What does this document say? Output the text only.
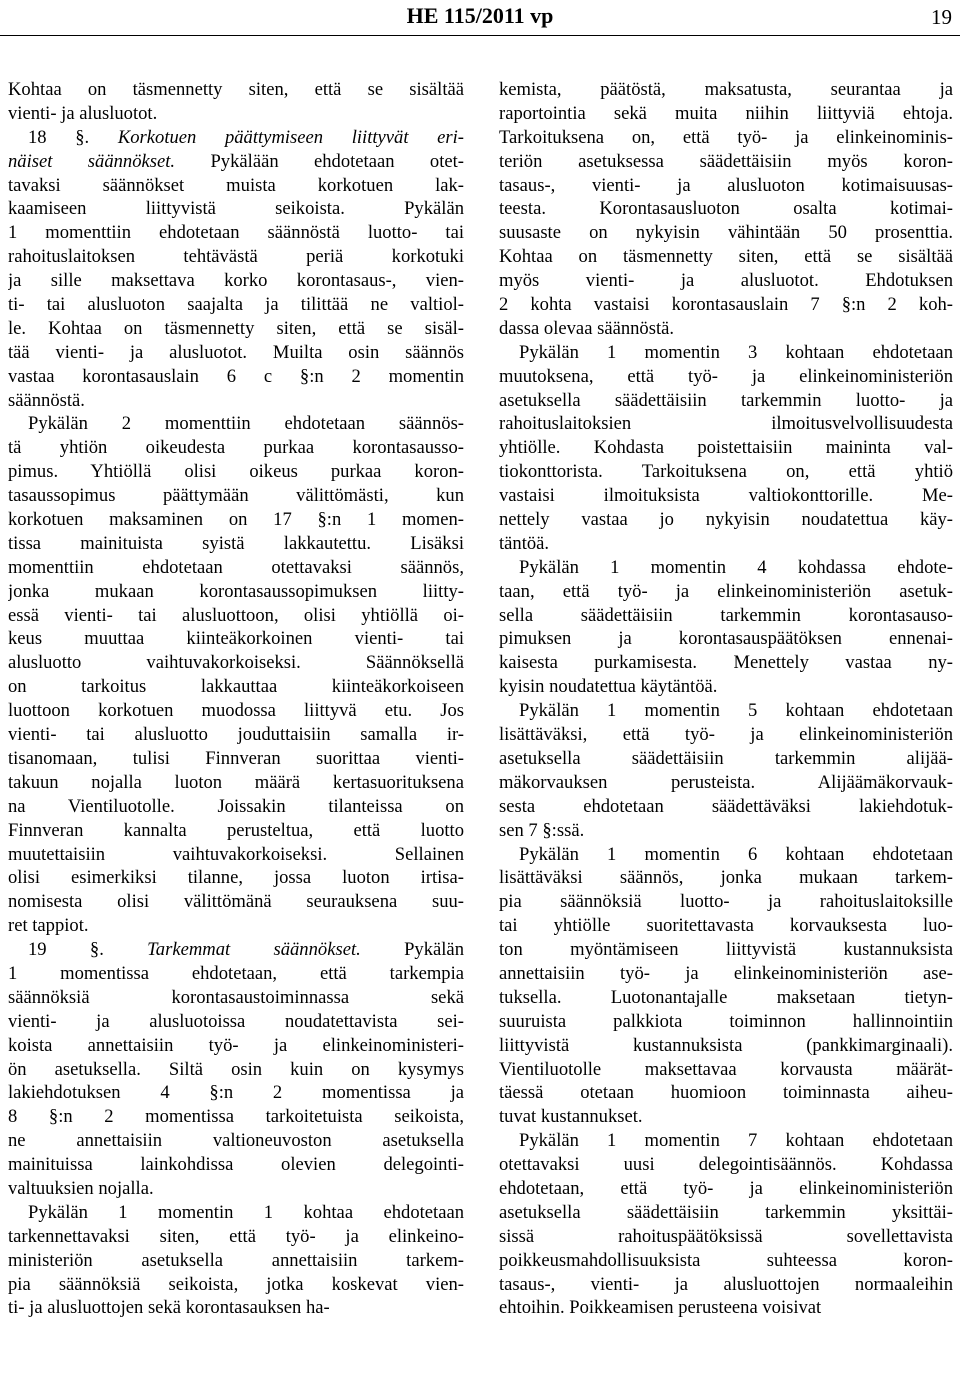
HE 115/2011 vp	19
Kohtaa on täsmennetty siten, että se sisältää
vienti- ja alusluotot.
18 §. Korkotuen päättymiseen liittyvät eri-
näiset säännökset. Pykälään ehdotetaan otet-
tavaksi säännökset muista korkotuen lak-
kaamiseen liittyvistä seikoista. Pykälän
1 momenttiin ehdotetaan säännöstä luotto- tai
rahoituslaitoksen tehtävästä periä korkotuki
ja sille maksettava korko korontasaus-, vien-
ti- tai alusluoton saajalta ja tilittää ne valtiol-
le. Kohtaa on täsmennetty siten, että se sisäl-
tää vienti- ja alusluotot. Muilta osin säännös
vastaa korontasauslain 6 c §:n 2 momentin
säännöstä.
Pykälän 2 momenttiin ehdotetaan säännös-
tä yhtiön oikeudesta purkaa korontasausso-
pimus. Yhtiöllä olisi oikeus purkaa koron-
tasaussopimus päättymään välittömästi, kun
korkotuen maksaminen on 17 §:n 1 momen-
tissa mainituista syistä lakkautettu. Lisäksi
momenttiin ehdotetaan otettavaksi säännös,
jonka mukaan korontasaussopimuksen liitty-
essä vienti- tai alusluottoon, olisi yhtiöllä oi-
keus muuttaa kiinteäkorkoinen vienti- tai
alusluotto vaihtuvakorkoiseksi. Säännöksellä
on tarkoitus lakkauttaa kiinteäkorkoiseen
luottoon korkotuen muodossa liittyvä etu. Jos
vienti- tai alusluotto jouduttaisiin samalla ir-
tisanomaan, tulisi Finnveran suorittaa vienti-
takuun nojalla luoton määrä kertasuorituksena
na Vientiluotolle. Joissakin tilanteissa on
Finnveran kannalta perusteltua, että luotto
muutettaisiin vaihtuvakorkoiseksi. Sellainen
olisi esimerkiksi tilanne, jossa luoton irtisa-
nomisesta olisi välittömänä seurauksena suu-
ret tappiot.
19 §. Tarkemmat säännökset. Pykälän
1 momentissa ehdotetaan, että tarkempia
säännöksiä korontasaustoiminnassa sekä
vienti- ja alusluotoissa noudatettavista sei-
koista annettaisiin työ- ja elinkeinoministeri-
ön asetuksella. Siltä osin kuin on kysymys
lakiehdotuksen 4 §:n 2 momentissa ja
8 §:n 2 momentissa tarkoitetuista seikoista,
ne annettaisiin valtioneuvoston asetuksella
mainituissa lainkohdissa olevien delegointi-
valtuuksien nojalla.
Pykälän 1 momentin 1 kohtaa ehdotetaan
tarkennettavaksi siten, että työ- ja elinkeino-
ministeriön asetuksella annettaisiin tarkem-
pia säännöksiä seikoista, jotka koskevat vien-
ti- ja alusluottojen sekä korontasauksen ha-
kemista, päätöstä, maksatusta, seurantaa ja
raportointia sekä muita niihin liittyviä ehtoja.
Tarkoituksena on, että työ- ja elinkeinominis-
teriön asetuksessa säädettäisiin myös koron-
tasaus-, vienti- ja alusluoton kotimaisuusas-
teesta. Korontasausluoton osalta kotimai-
suusaste on nykyisin vähintään 50 prosenttia.
Kohtaa on täsmennetty siten, että se sisältää
myös vienti- ja alusluotot. Ehdotuksen
2 kohta vastaisi korontasauslain 7 §:n 2 koh-
dassa olevaa säännöstä.
Pykälän 1 momentin 3 kohtaan ehdotetaan
muutoksena, että työ- ja elinkeinoministeriön
asetuksella säädettäisiin tarkemmin luotto- ja
rahoituslaitoksien ilmoitusvelvollisuudesta
yhtiölle. Kohdasta poistettaisiin maininta val-
tiokonttorista. Tarkoituksena on, että yhtiö
vastaisi ilmoituksista valtiokonttorille. Me-
nettely vastaa jo nykyisin noudatettua käy-
täntöä.
Pykälän 1 momentin 4 kohdassa ehdote-
taan, että työ- ja elinkeinoministeriön asetuk-
sella säädettäisiin tarkemmin korontasauso-
pimuksen ja korontasauspäätöksen ennenai-
kaisesta purkamisesta. Menettely vastaa ny-
kyisin noudatettua käytäntöä.
Pykälän 1 momentin 5 kohtaan ehdotetaan
lisättäväksi, että työ- ja elinkeinoministeriön
asetuksella säädettäisiin tarkemmin alijää-
mäkorvauksen perusteista. Alijäämäkorvauk-
sesta ehdotetaan säädettäväksi lakiehdotuk-
sen 7 §:ssä.
Pykälän 1 momentin 6 kohtaan ehdotetaan
lisättäväksi säännös, jonka mukaan tarkem-
pia säännöksiä luotto- ja rahoituslaitoksille
tai yhtiölle suoritettavasta korvauksesta luo-
ton myöntämiseen liittyvistä kustannuksista
annettaisiin työ- ja elinkeinoministeriön ase-
tuksella. Luotonantajalle maksetaan tietyn-
suuruista palkkiota toiminnon hallinnointiin
liittyvistä kustannuksista (pankkimarginaali).
Vientiluotolle maksettavaa korvausta määrät-
täessä otetaan huomioon toiminnasta aiheu-
tuvat kustannukset.
Pykälän 1 momentin 7 kohtaan ehdotetaan
otettavaksi uusi delegointisäännös. Kohdassa
ehdotetaan, että työ- ja elinkeinoministeriön
asetuksella säädettäisiin tarkemmin yksittäi-
sissä rahoituspäätöksissä sovellettavista
poikkeusmahdollisuuksista suhteessa koron-
tasaus-, vienti- ja alusluottojen normaaleihin
ehtoihin. Poikkeamisen perusteena voisivat
